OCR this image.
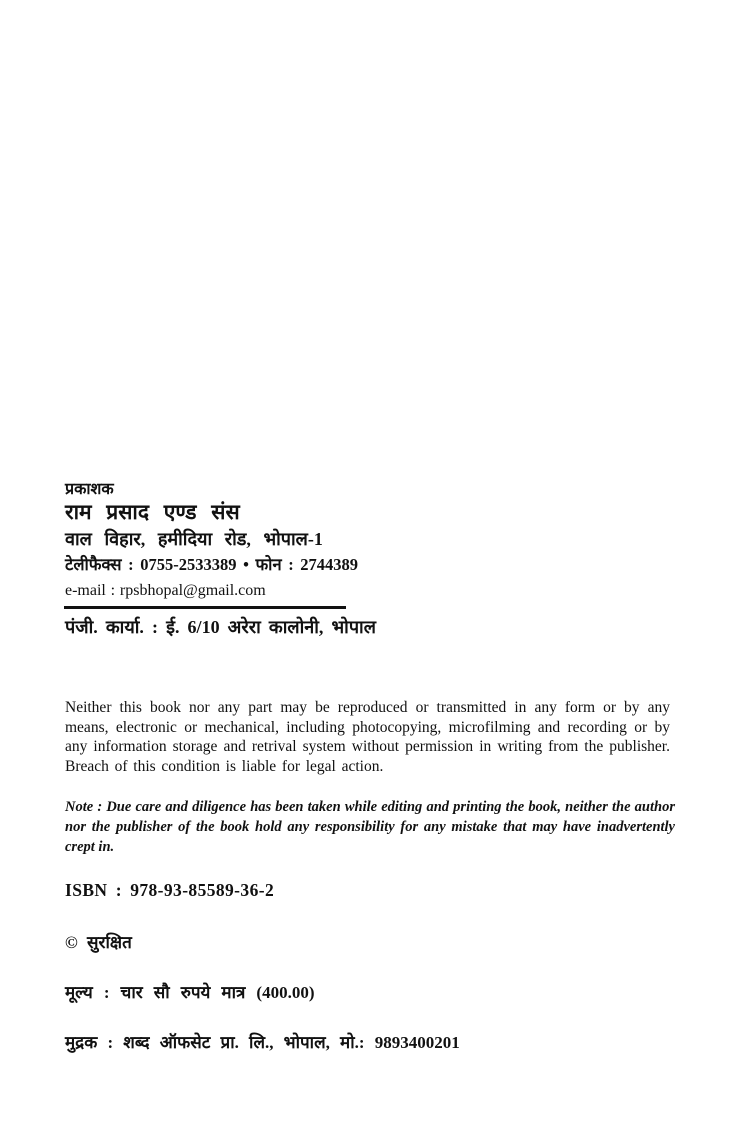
प्रकाशक
राम प्रसाद एण्ड संस
वाल विहार, हमीदिया रोड, भोपाल-1
टेलीफैक्स : 0755-2533389 • फोन : 2744389
e-mail : rpsbhopal@gmail.com
पंजी. कार्या. : ई. 6/10 अरेरा कालोनी, भोपाल

Neither this book nor any part may be reproduced or transmitted in any form or by any means, electronic or mechanical, including photocopying, microfilming and recording or by any information storage and retrival system without permission in writing from the publisher. Breach of this condition is liable for legal action.

Note : Due care and diligence has been taken while editing and printing the book, neither the author nor the publisher of the book hold any responsibility for any mistake that may have inadvertently crept in.

ISBN : 978-93-85589-36-2
© सुरक्षित
मूल्य : चार सौ रुपये मात्र (400.00)
मुद्रक : शब्द ऑफसेट प्रा. लि., भोपाल, मो.: 9893400201
